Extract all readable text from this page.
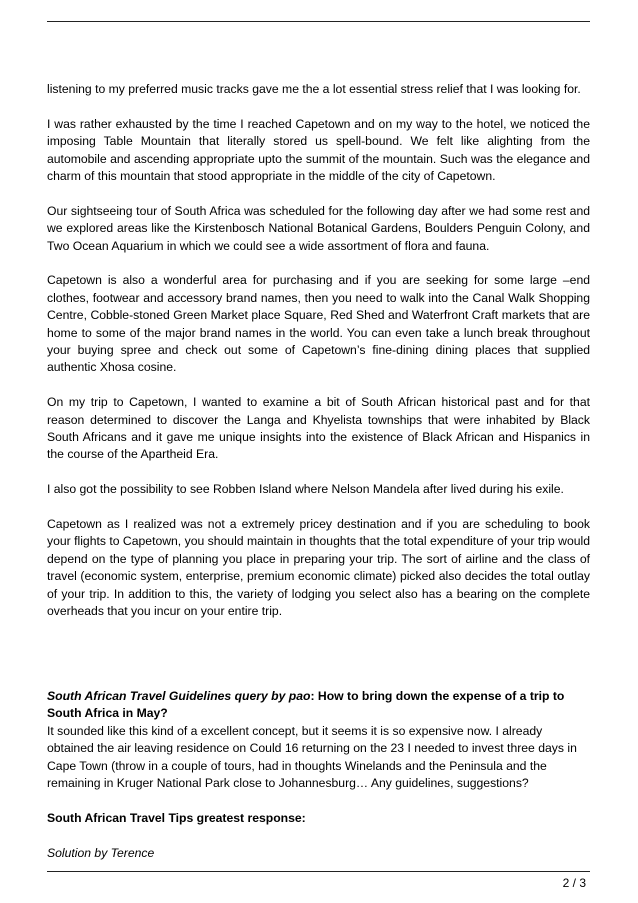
listening to my preferred music tracks gave me the a lot essential stress relief that I was looking for.

I was rather exhausted by the time I reached Capetown and on my way to the hotel, we noticed the imposing Table Mountain that literally stored us spell-bound. We felt like alighting from the automobile and ascending appropriate upto the summit of the mountain. Such was the elegance and charm of this mountain that stood appropriate in the middle of the city of Capetown.

Our sightseeing tour of South Africa was scheduled for the following day after we had some rest and we explored areas like the Kirstenbosch National Botanical Gardens, Boulders Penguin Colony, and Two Ocean Aquarium in which we could see a wide assortment of flora and fauna.

Capetown is also a wonderful area for purchasing and if you are seeking for some large –end clothes, footwear and accessory brand names, then you need to walk into the Canal Walk Shopping Centre, Cobble-stoned Green Market place Square, Red Shed and Waterfront Craft markets that are home to some of the major brand names in the world. You can even take a lunch break throughout your buying spree and check out some of Capetown’s fine-dining dining places that supplied authentic Xhosa cosine.

On my trip to Capetown, I wanted to examine a bit of South African historical past and for that reason determined to discover the Langa and Khyelista townships that were inhabited by Black South Africans and it gave me unique insights into the existence of Black African and Hispanics in the course of the Apartheid Era.

I also got the possibility to see Robben Island where Nelson Mandela after lived during his exile.

Capetown as I realized was not a extremely pricey destination and if you are scheduling to book your flights to Capetown, you should maintain in thoughts that the total expenditure of your trip would depend on the type of planning you place in preparing your trip. The sort of airline and the class of travel (economic system, enterprise, premium economic climate) picked also decides the total outlay of your trip. In addition to this, the variety of lodging you select also has a bearing on the complete overheads that you incur on your entire trip.

South African Travel Guidelines query by pao: How to bring down the expense of a trip to South Africa in May?

It sounded like this kind of a excellent concept, but it seems it is so expensive now. I already obtained the air leaving residence on Could 16 returning on the 23 I needed to invest three days in Cape Town (throw in a couple of tours, had in thoughts Winelands and the Peninsula and the remaining in Kruger National Park close to Johannesburg… Any guidelines, suggestions?

South African Travel Tips greatest response:

Solution by Terence

2 / 3
